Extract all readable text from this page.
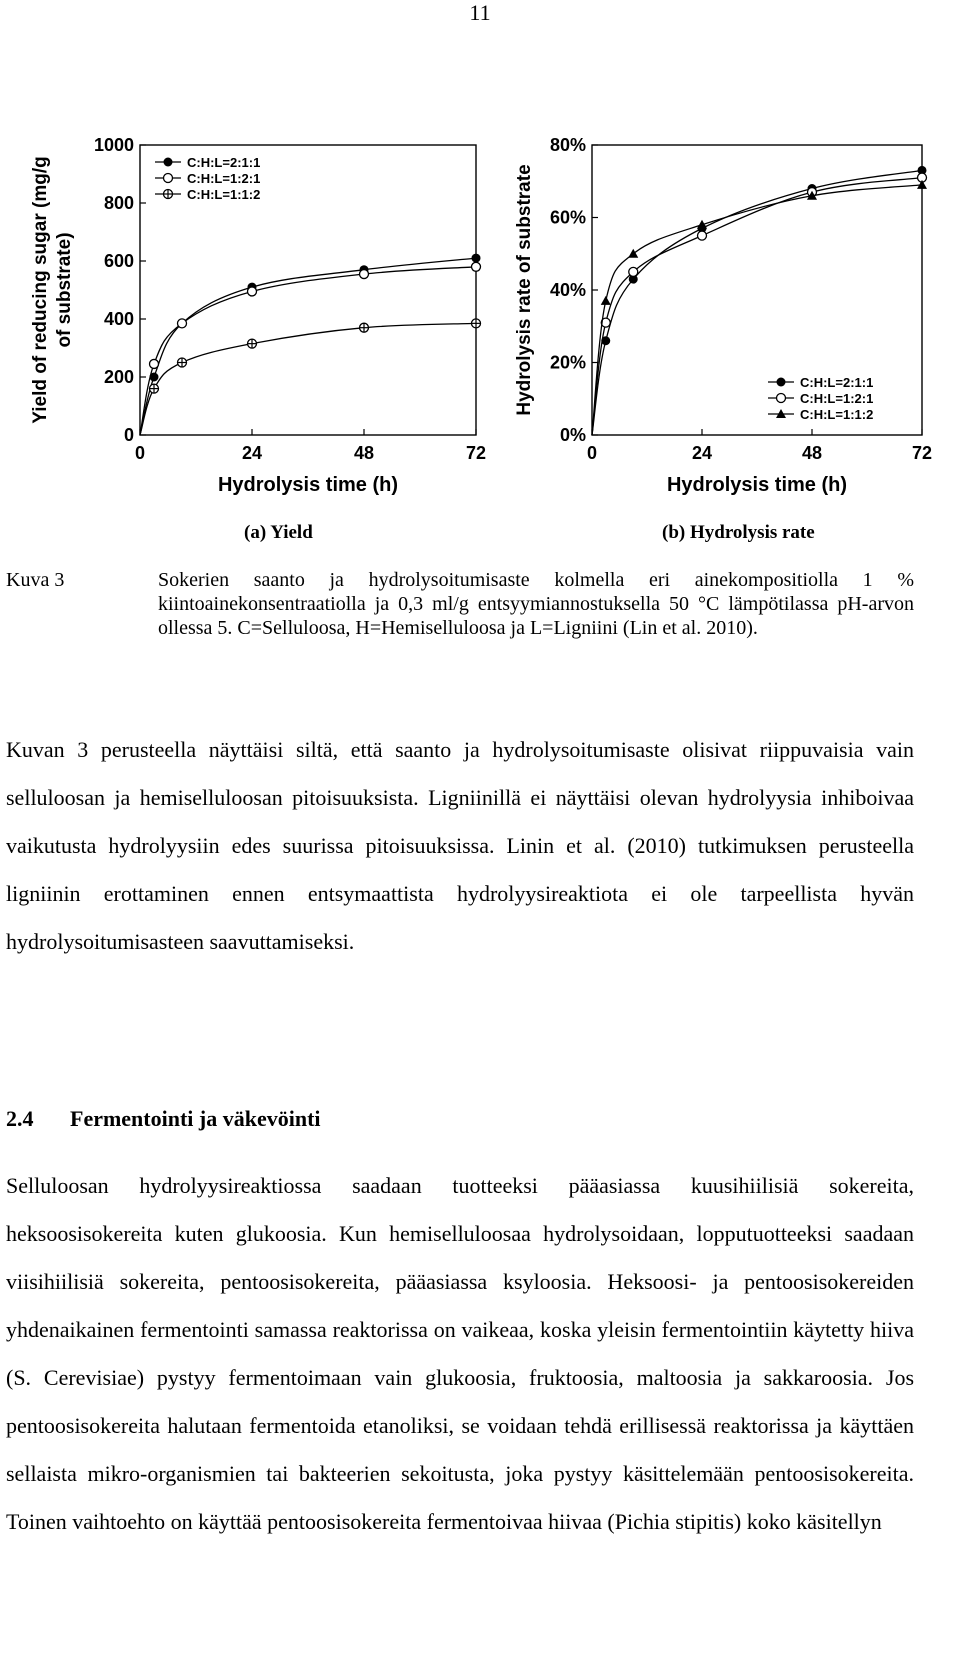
11
0	24	48	72
0
200
400
600
800
1000
Hydrolysis time (h)
Yield of reducing sugar (mg/g of substrate)
C:H:L=2:1:1
C:H:L=1:2:1
C:H:L=1:1:2
0	24	48	72
0%
20%
40%
60%
80%
Hydrolysis time (h)
Hydrolysis rate of substrate	C:H:L=2:1:1
C:H:L=1:2:1
C:H:L=1:1:2
(a) Yield	(b) Hydrolysis rate
Kuva 3	Sokerien saanto ja hydrolysoitumisaste kolmella eri ainekompositiolla 1 % kiintoainekonsentraatiolla ja 0,3 ml/g entsyymiannostuksella 50 °C lämpötilassa pH-arvon ollessa 5. C=Selluloosa, H=Hemiselluloosa ja L=Ligniini (Lin et al. 2010).
Kuvan 3 perusteella näyttäisi siltä, että saanto ja hydrolysoitumisaste olisivat riippuvaisia vain selluloosan ja hemiselluloosan pitoisuuksista. Ligniinillä ei näyttäisi olevan hydrolyysia inhiboivaa vaikutusta hydrolyysiin edes suurissa pitoisuuksissa. Linin et al. (2010) tutkimuksen perusteella ligniinin erottaminen ennen entsymaattista hydrolyysireaktiota ei ole tarpeellista hyvän hydrolysoitumisasteen saavuttamiseksi.
2.4 Fermentointi ja väkevöinti
Selluloosan hydrolyysireaktiossa saadaan tuotteeksi pääasiassa kuusihiilisiä sokereita, heksoosisokereita kuten glukoosia. Kun hemiselluloosaa hydrolysoidaan, lopputuotteeksi saadaan viisihiilisiä sokereita, pentoosisokereita, pääasiassa ksyloosia. Heksoosi- ja pentoosisokereiden yhdenaikainen fermentointi samassa reaktorissa on vaikeaa, koska yleisin fermentointiin käytetty hiiva (S. Cerevisiae) pystyy fermentoimaan vain glukoosia, fruktoosia, maltoosia ja sakkaroosia. Jos pentoosisokereita halutaan fermentoida etanoliksi, se voidaan tehdä erillisessä reaktorissa ja käyttäen sellaista mikro-organismien tai bakteerien sekoitusta, joka pystyy käsittelemään pentoosisokereita. Toinen vaihtoehto on käyttää pentoosisokereita fermentoivaa hiivaa (Pichia stipitis) koko käsitellyn
